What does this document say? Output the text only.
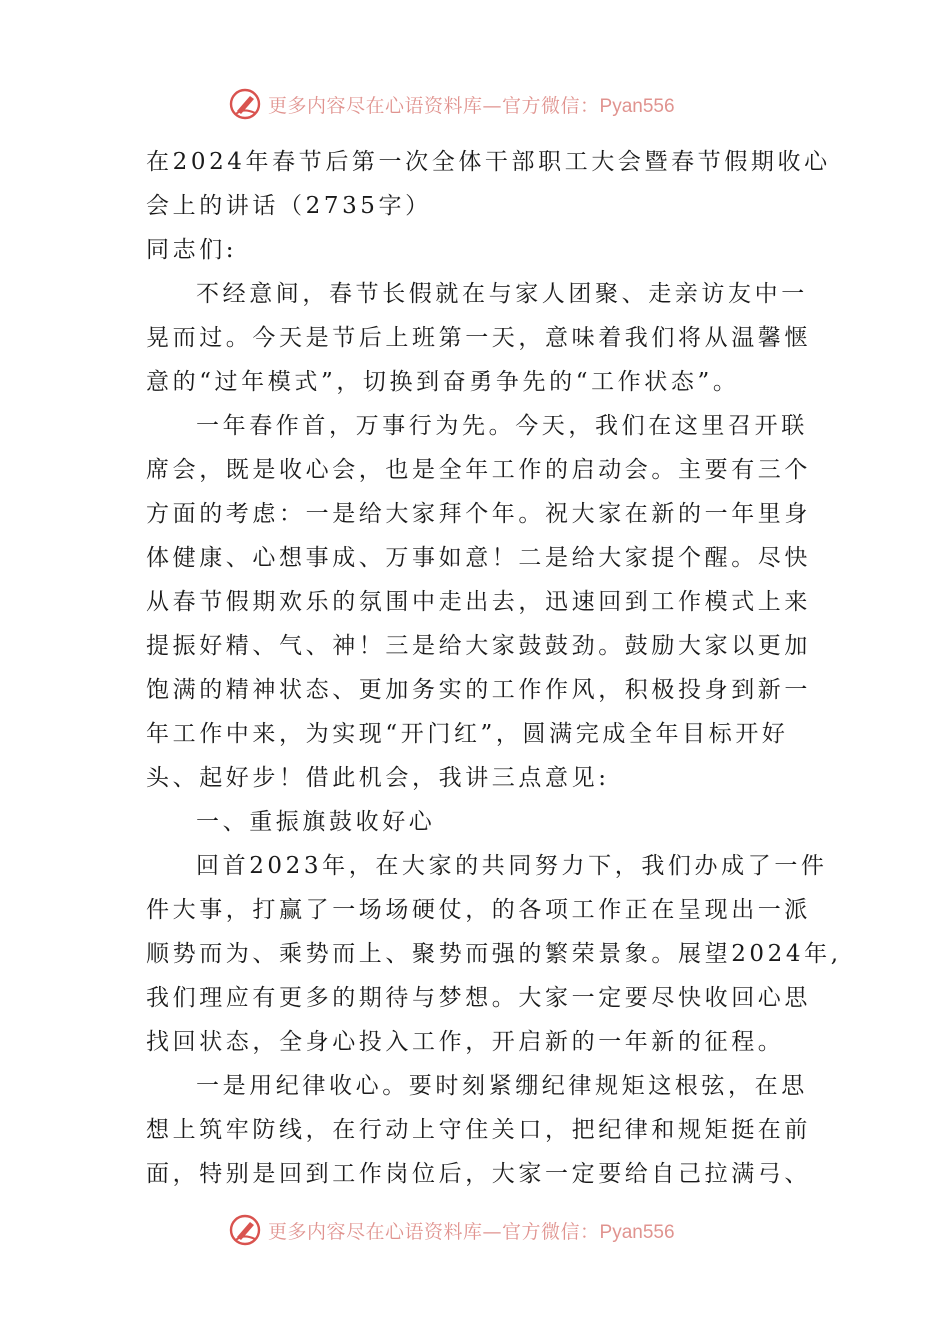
更多内容尽在心语资料库—官方微信：Pyan556
在2024年春节后第一次全体干部职工大会暨春节假期收心
会上的讲话（2735字）
同志们:
不经意间，春节长假就在与家人团聚、走亲访友中一
晃而过。今天是节后上班第一天，意味着我们将从温馨惬
意的“过年模式”，切换到奋勇争先的“工作状态”。
一年春作首，万事行为先。今天，我们在这里召开联
席会，既是收心会，也是全年工作的启动会。主要有三个
方面的考虑：一是给大家拜个年。祝大家在新的一年里身
体健康、心想事成、万事如意！二是给大家提个醒。尽快
从春节假期欢乐的氛围中走出去，迅速回到工作模式上来
提振好精、气、神！三是给大家鼓鼓劲。鼓励大家以更加
饱满的精神状态、更加务实的工作作风，积极投身到新一
年工作中来，为实现“开门红”，圆满完成全年目标开好
头、起好步！借此机会，我讲三点意见:
一、重振旗鼓收好心
回首2023年，在大家的共同努力下，我们办成了一件
件大事，打赢了一场场硬仗，的各项工作正在呈现出一派
顺势而为、乘势而上、聚势而强的繁荣景象。展望2024年,
我们理应有更多的期待与梦想。大家一定要尽快收回心思
找回状态，全身心投入工作，开启新的一年新的征程。
一是用纪律收心。要时刻紧绷纪律规矩这根弦，在思
想上筑牢防线，在行动上守住关口，把纪律和规矩挺在前
面，特别是回到工作岗位后，大家一定要给自己拉满弓、
更多内容尽在心语资料库—官方微信：Pyan556
